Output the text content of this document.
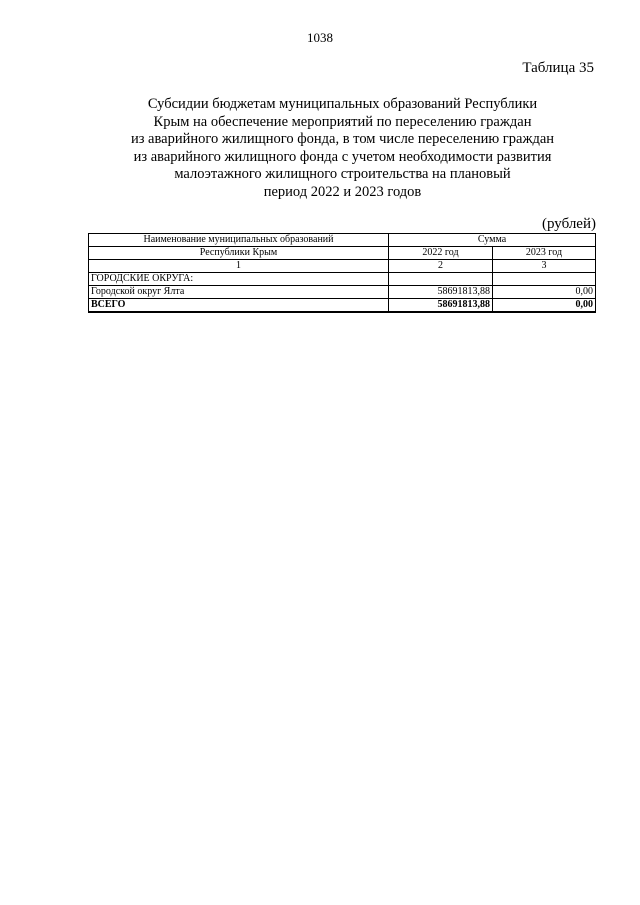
1038
Таблица 35
Субсидии бюджетам муниципальных образований Республики
Крым на обеспечение мероприятий по переселению граждан
из аварийного жилищного фонда, в том числе переселению граждан
из аварийного жилищного фонда с учетом необходимости развития
малоэтажного жилищного строительства на плановый
период 2022 и 2023 годов
(рублей)
Наименование муниципальных образований	Сумма	
Республики Крым	2022 год	2023 год
1	2	3
ГОРОДСКИЕ ОКРУГА:		
Городской округ Ялта	58691813,88	0,00
ВСЕГО	58691813,88	0,00
